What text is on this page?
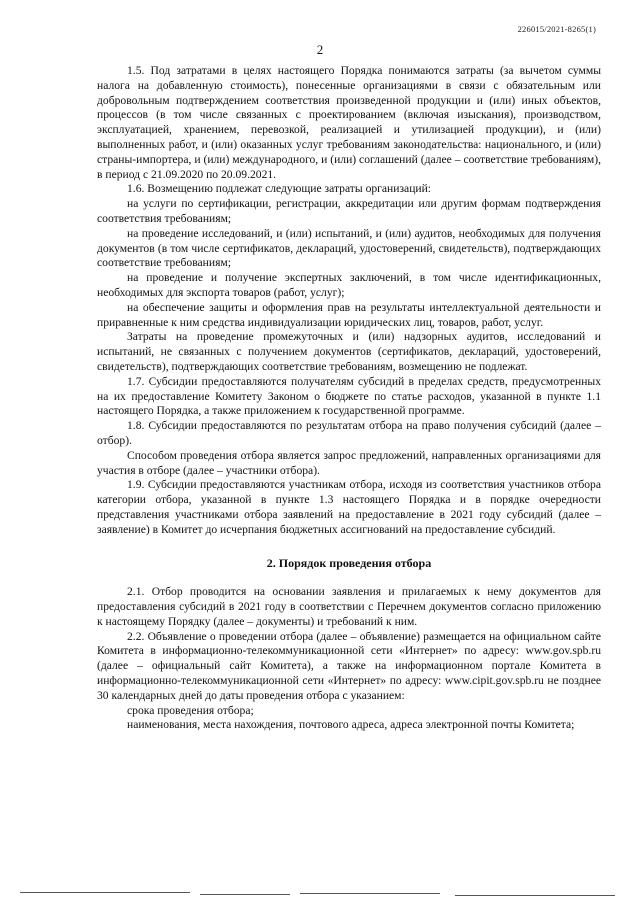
226015/2021-8265(1)
2

1.5. Под затратами в целях настоящего Порядка понимаются затраты (за вычетом суммы налога на добавленную стоимость), понесенные организациями в связи с обязательным или добровольным подтверждением соответствия произведенной продукции и (или) иных объектов, процессов (в том числе связанных с проектированием (включая изыскания), производством, эксплуатацией, хранением, перевозкой, реализацией и утилизацией продукции), и (или) выполненных работ, и (или) оказанных услуг требованиям законодательства: национального, и (или) страны-импортера, и (или) международного, и (или) соглашений (далее – соответствие требованиям), в период с 21.09.2020 по 20.09.2021.

1.6. Возмещению подлежат следующие затраты организаций:

на услуги по сертификации, регистрации, аккредитации или другим формам подтверждения соответствия требованиям;

на проведение исследований, и (или) испытаний, и (или) аудитов, необходимых для получения документов (в том числе сертификатов, деклараций, удостоверений, свидетельств), подтверждающих соответствие требованиям;

на проведение и получение экспертных заключений, в том числе идентификационных, необходимых для экспорта товаров (работ, услуг);

на обеспечение защиты и оформления прав на результаты интеллектуальной деятельности и приравненные к ним средства индивидуализации юридических лиц, товаров, работ, услуг.

Затраты на проведение промежуточных и (или) надзорных аудитов, исследований и испытаний, не связанных с получением документов (сертификатов, деклараций, удостоверений, свидетельств), подтверждающих соответствие требованиям, возмещению не подлежат.

1.7. Субсидии предоставляются получателям субсидий в пределах средств, предусмотренных на их предоставление Комитету Законом о бюджете по статье расходов, указанной в пункте 1.1 настоящего Порядка, а также приложением к государственной программе.

1.8. Субсидии предоставляются по результатам отбора на право получения субсидий (далее – отбор).

Способом проведения отбора является запрос предложений, направленных организациями для участия в отборе (далее – участники отбора).

1.9. Субсидии предоставляются участникам отбора, исходя из соответствия участников отбора категории отбора, указанной в пункте 1.3 настоящего Порядка и в порядке очередности представления участниками отбора заявлений на предоставление в 2021 году субсидий (далее – заявление) в Комитет до исчерпания бюджетных ассигнований на предоставление субсидий.

2. Порядок проведения отбора

2.1. Отбор проводится на основании заявления и прилагаемых к нему документов для предоставления субсидий в 2021 году в соответствии с Перечнем документов согласно приложению к настоящему Порядку (далее – документы) и требований к ним.

2.2. Объявление о проведении отбора (далее – объявление) размещается на официальном сайте Комитета в информационно-телекоммуникационной сети «Интернет» по адресу: www.gov.spb.ru (далее – официальный сайт Комитета), а также на информационном портале Комитета в информационно-телекоммуникационной сети «Интернет» по адресу: www.cipit.gov.spb.ru не позднее 30 календарных дней до даты проведения отбора с указанием:

срока проведения отбора;

наименования, места нахождения, почтового адреса, адреса электронной почты Комитета;
